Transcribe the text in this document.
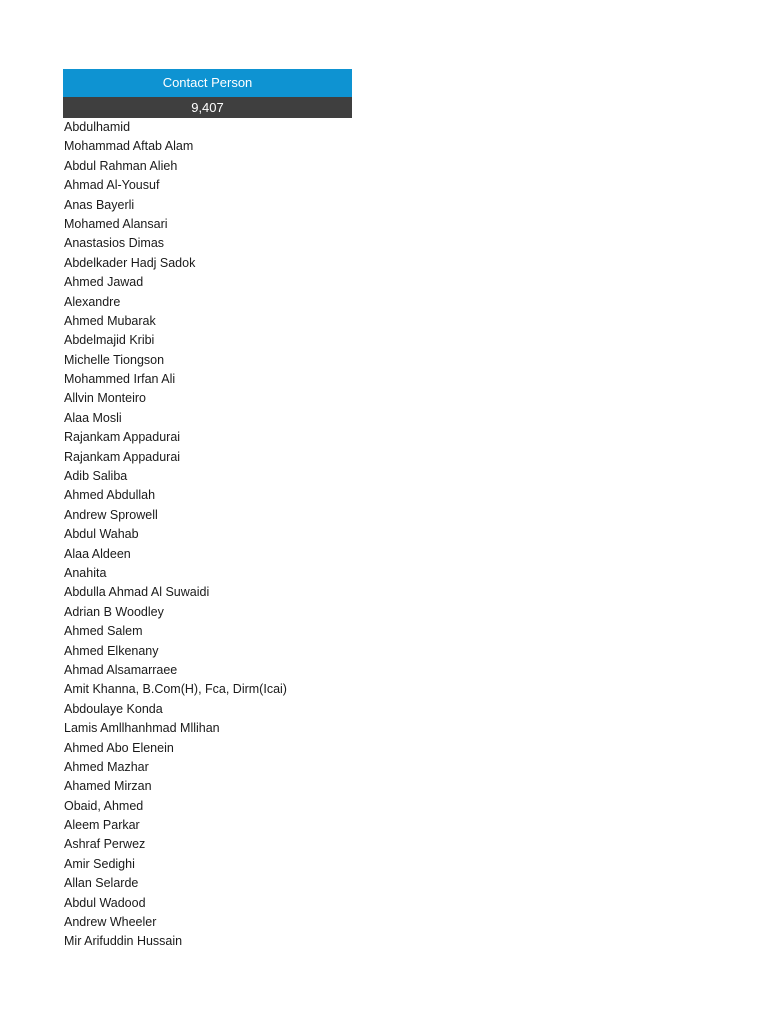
Contact Person
9,407
Abdulhamid
Mohammad Aftab Alam
Abdul Rahman Alieh
Ahmad Al-Yousuf
Anas Bayerli
Mohamed Alansari
Anastasios Dimas
Abdelkader Hadj Sadok
Ahmed Jawad
Alexandre
Ahmed Mubarak
Abdelmajid Kribi
Michelle Tiongson
Mohammed Irfan Ali
Allvin Monteiro
Alaa Mosli
Rajankam Appadurai
Rajankam Appadurai
Adib Saliba
Ahmed Abdullah
Andrew Sprowell
Abdul Wahab
Alaa Aldeen
Anahita
Abdulla Ahmad Al Suwaidi
Adrian B Woodley
Ahmed Salem
Ahmed Elkenany
Ahmad Alsamarraee
Amit Khanna, B.Com(H), Fca, Dirm(Icai)
Abdoulaye Konda
Lamis Amllhanhmad Mllihan
Ahmed Abo Elenein
Ahmed Mazhar
Ahamed Mirzan
Obaid, Ahmed
Aleem Parkar
Ashraf Perwez
Amir Sedighi
Allan Selarde
Abdul Wadood
Andrew Wheeler
Mir Arifuddin Hussain
